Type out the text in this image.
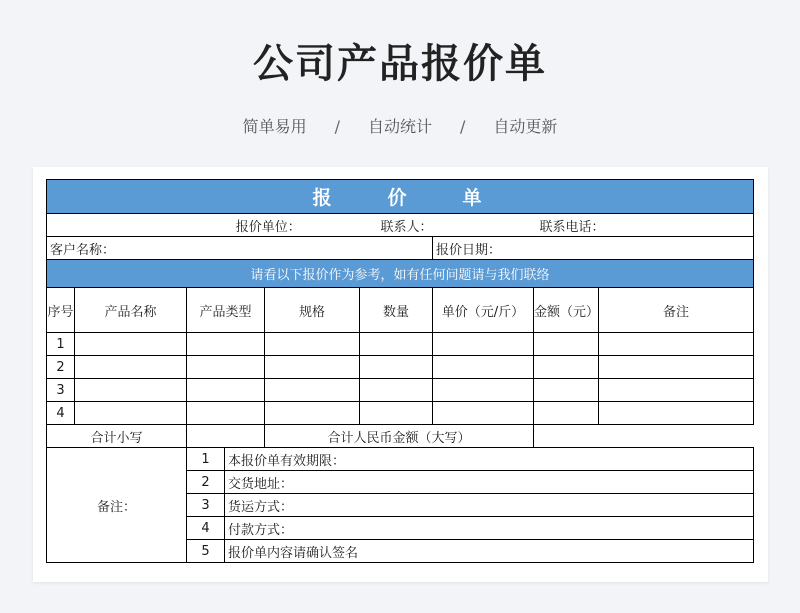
公司产品报价单
简单易用 / 自动统计 / 自动更新
报　　价　　单							
报价单位：					联系人：		联系电话：
客户名称：					报价日期：		
请看以下报价作为参考，如有任何问题请与我们联络							
序号	产品名称	产品类型	规格	数量	单价（元/斤）	金额（元）	备注
1							
2							
3							
4							
合计小写			合计人民币金额（大写）				
备注：	1	本报价单有效期限：
	2	交货地址：
	3	货运方式：
	4	付款方式：
	5	报价单内容请确认签名
